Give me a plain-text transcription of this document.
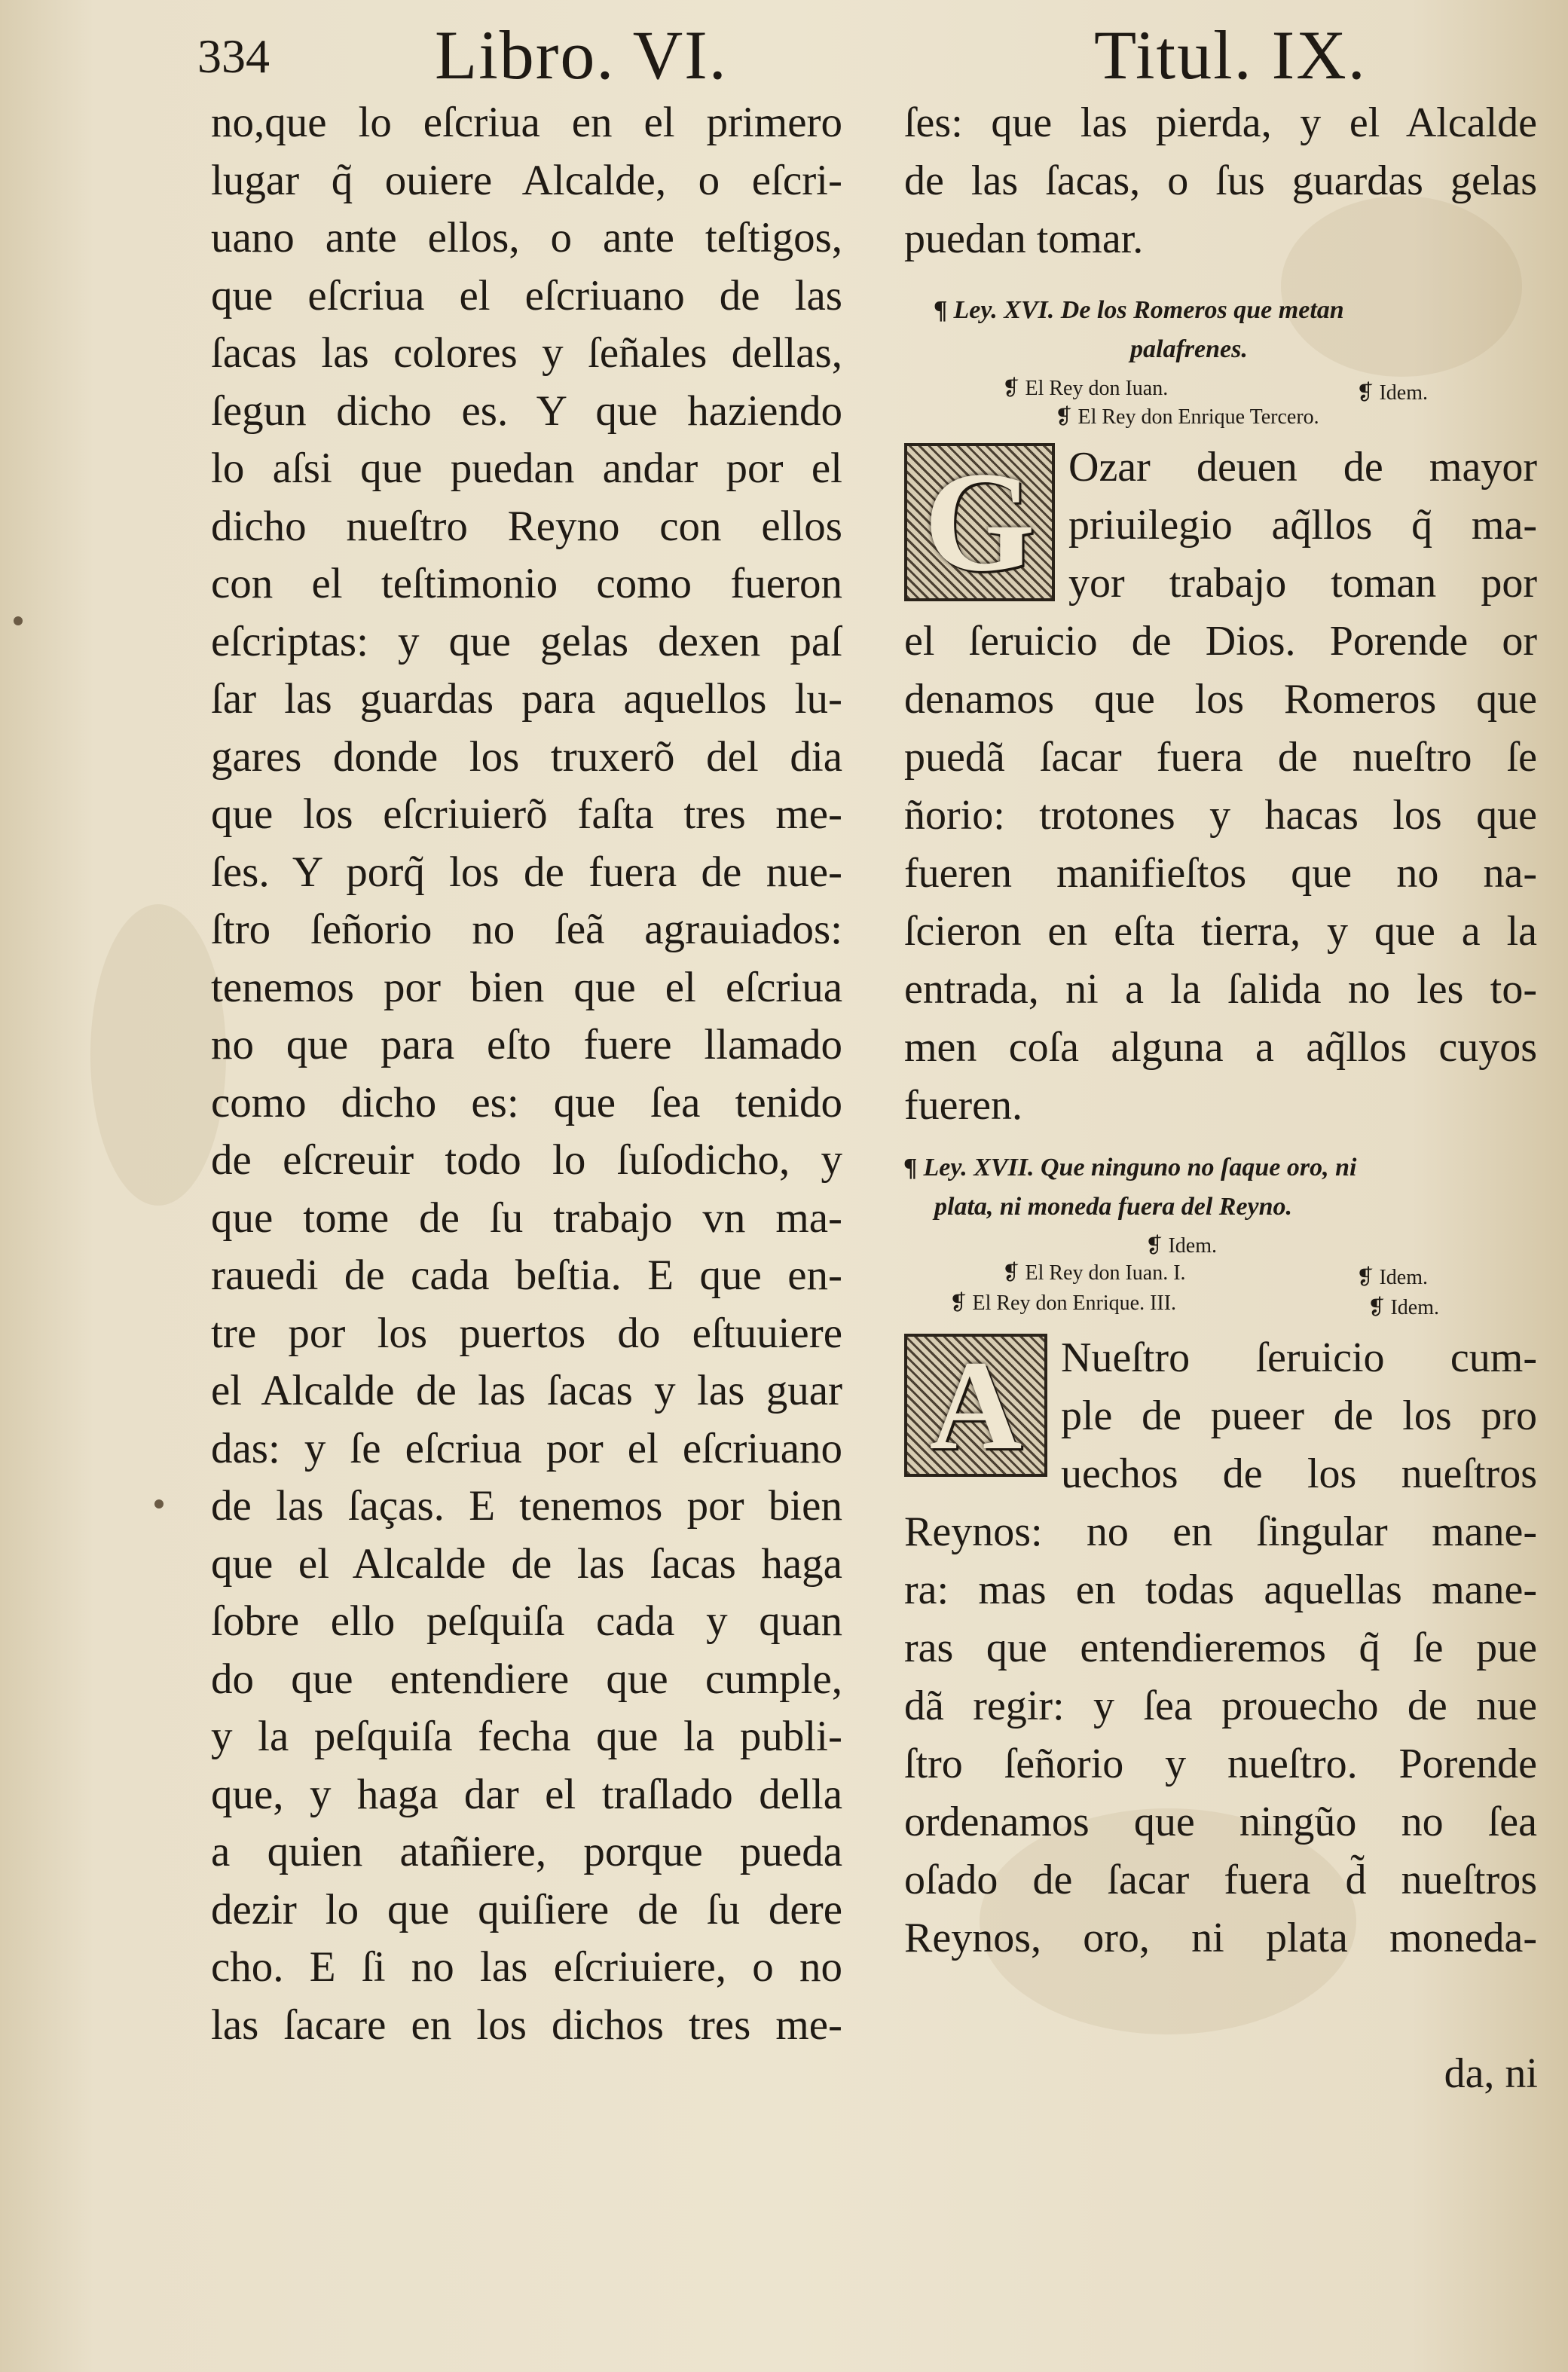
334 Libro. VI.	Titul. IX.
no,que lo eſcriua en el primero
lugar q̃ ouiere Alcalde, o eſcri-
uano ante ellos, o ante teſtigos,
que eſcriua el eſcriuano de las
ſacas las colores y ſeñales dellas,
ſegun dicho es. Y que haziendo
lo aſsi que puedan andar por el
dicho nueſtro Reyno con ellos
con el teſtimonio como fueron
eſcriptas: y que gelas dexen paſ
ſar las guardas para aquellos lu-
gares donde los truxerõ del dia
que los eſcriuierõ faſta tres me-
ſes. Y porq̃ los de fuera de nue-
ſtro ſeñorio no ſeã agrauiados:
tenemos por bien que el eſcriua
no que para eſto fuere llamado
como dicho es: que ſea tenido
de eſcreuir todo lo ſuſodicho, y
que tome de ſu trabajo vn ma-
rauedi de cada beſtia. E que en-
tre por los puertos do eſtuuiere
el Alcalde de las ſacas y las guar
das: y ſe eſcriua por el eſcriuano
de las ſaças. E tenemos por bien
que el Alcalde de las ſacas haga
ſobre ello peſquiſa cada y quan
do que entendiere que cumple,
y la peſquiſa fecha que la publi-
que, y haga dar el traſlado della
a quien atañiere, porque pueda
dezir lo que quiſiere de ſu dere
cho. E ſi no las eſcriuiere, o no
las ſacare en los dichos tres me-
ſes: que las pierda, y el Alcalde
de las ſacas, o ſus guardas gelas
puedan tomar.
¶ Ley. XVI. De los Romeros que metan
palafrenes.
❡ El Rey don Iuan.	❡ Idem.
❡ El Rey don Enrique Tercero.
G Ozar deuen de mayor
priuilegio aq̃llos q̃ ma-
yor trabajo toman por
el ſeruicio de Dios. Porende or
denamos que los Romeros que
puedã ſacar fuera de nueſtro ſe
ñorio: trotones y hacas los que
fueren manifieſtos que no na-
ſcieron en eſta tierra, y que a la
entrada, ni a la ſalida no les to-
men coſa alguna a aq̃llos cuyos
fueren.
¶ Ley. XVII. Que ninguno no ſaque oro, ni
plata, ni moneda fuera del Reyno.
❡ Idem.
❡ El Rey don Iuan. I.	❡ Idem.
❡ El Rey don Enrique. III.	❡ Idem.
A Nueſtro ſeruicio cum-
ple de pueer de los pro
uechos de los nueſtros
Reynos: no en ſingular mane-
ra: mas en todas aquellas mane-
ras que entendieremos q̃ ſe pue
dã regir: y ſea prouecho de nue
ſtro ſeñorio y nueſtro. Porende
ordenamos que ningũo no ſea
oſado de ſacar fuera d̃ nueſtros
Reynos, oro, ni plata moneda-
da, ni
